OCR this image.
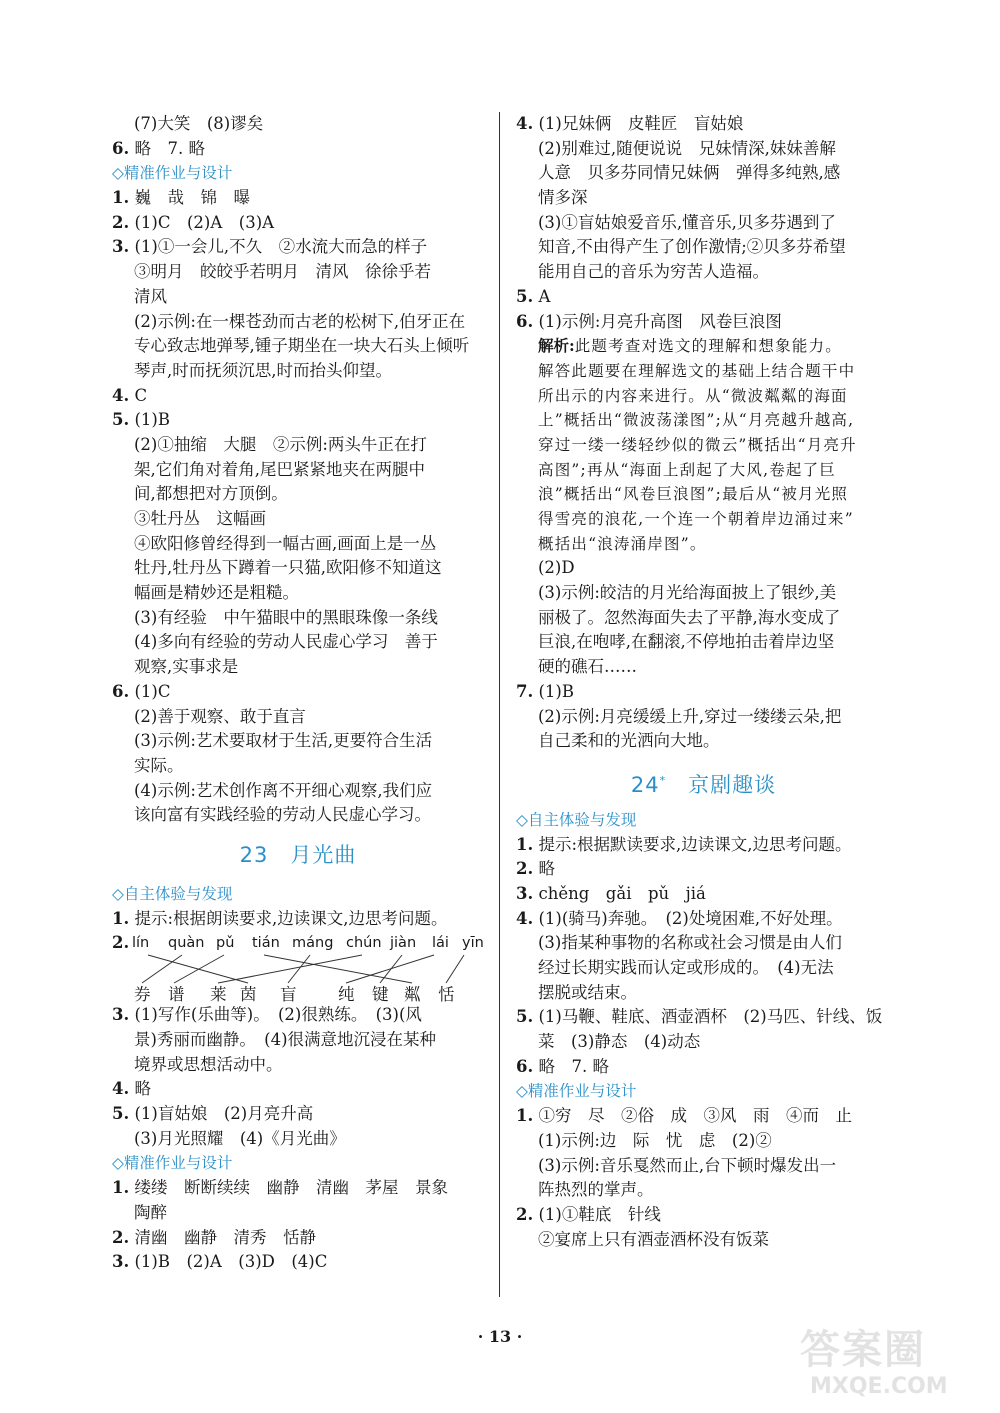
(7)大笑　(8)谬矣
6. 略　7. 略
◇精准作业与设计
1. 巍　哉　锦　曝
2. (1)C　(2)A　(3)A
3. (1)①一会儿,不久　②水流大而急的样子
③明月　皎皎乎若明月　清风　徐徐乎若
清风
(2)示例:在一棵苍劲而古老的松树下,伯牙正在
专心致志地弹琴,锺子期坐在一块大石头上倾听
琴声,时而抚须沉思,时而抬头仰望。
4. C
5. (1)B
(2)①抽缩　大腿　②示例:两头牛正在打
架,它们角对着角,尾巴紧紧地夹在两腿中
间,都想把对方顶倒。
③牡丹丛　这幅画
④欧阳修曾经得到一幅古画,画面上是一丛
牡丹,牡丹丛下蹲着一只猫,欧阳修不知道这
幅画是精妙还是粗糙。
(3)有经验　中午猫眼中的黑眼珠像一条线
(4)多向有经验的劳动人民虚心学习　善于
观察,实事求是
6. (1)C
(2)善于观察、敢于直言
(3)示例:艺术要取材于生活,更要符合生活
实际。
(4)示例:艺术创作离不开细心观察,我们应
该向富有实践经验的劳动人民虚心学习。
23　月光曲
◇自主体验与发现
1. 提示:根据朗读要求,边读课文,边思考问题。
2. lín quàn pǔ tián máng chún jiàn lái yīn
券 谱 莱 茵 盲	纯 键 粼 恬
3. (1)写作(乐曲等)。　(2)很熟练。　(3)(风
景)秀丽而幽静。　(4)很满意地沉浸在某种
境界或思想活动中。
4. 略
5. (1)盲姑娘　(2)月亮升高
(3)月光照耀　(4)《月光曲》
◇精准作业与设计
1. 缕缕　断断续续　幽静　清幽　茅屋　景象
陶醉
2. 清幽　幽静　清秀　恬静
3. (1)B　(2)A　(3)D　(4)C
4. (1)兄妹俩　皮鞋匠　盲姑娘
(2)别难过,随便说说　兄妹情深,妹妹善解
人意　贝多芬同情兄妹俩　弹得多纯熟,感
情多深
(3)①盲姑娘爱音乐,懂音乐,贝多芬遇到了
知音,不由得产生了创作激情;②贝多芬希望
能用自己的音乐为穷苦人造福。
5. A
6. (1)示例:月亮升高图　风卷巨浪图
解析:此题考查对选文的理解和想象能力。
解答此题要在理解选文的基础上结合题干中
所出示的内容来进行。从“微波粼粼的海面
上”概括出“微波荡漾图”;从“月亮越升越高,
穿过一缕一缕轻纱似的微云”概括出“月亮升
高图”;再从“海面上刮起了大风,卷起了巨
浪”概括出“风卷巨浪图”;最后从“被月光照
得雪亮的浪花,一个连一个朝着岸边涌过来”
概括出“浪涛涌岸图”。
(2)D
(3)示例:皎洁的月光给海面披上了银纱,美
丽极了。忽然海面失去了平静,海水变成了
巨浪,在咆哮,在翻滚,不停地拍击着岸边坚
硬的礁石……
7. (1)B
(2)示例:月亮缓缓上升,穿过一缕缕云朵,把
自己柔和的光洒向大地。
24*　 京剧趣谈
◇自主体验与发现
1. 提示:根据默读要求,边读课文,边思考问题。
2. 略
3. chěng　gǎi　pǔ　jiá
4. (1)(骑马)奔驰。　(2)处境困难,不好处理。
(3)指某种事物的名称或社会习惯是由人们
经过长期实践而认定或形成的。　(4)无法
摆脱或结束。
5. (1)马鞭、鞋底、酒壶酒杯　(2)马匹、针线、饭
菜　(3)静态　(4)动态
6. 略　7. 略
◇精准作业与设计
1. ①穷　尽　②俗　成　③风　雨　④而　止
(1)示例:边　际　忧　虑　(2)②
(3)示例:音乐戛然而止,台下顿时爆发出一
阵热烈的掌声。
2. (1)①鞋底　针线
②宴席上只有酒壶酒杯没有饭菜
· 13 ·	答案圈
MXQE.COM
